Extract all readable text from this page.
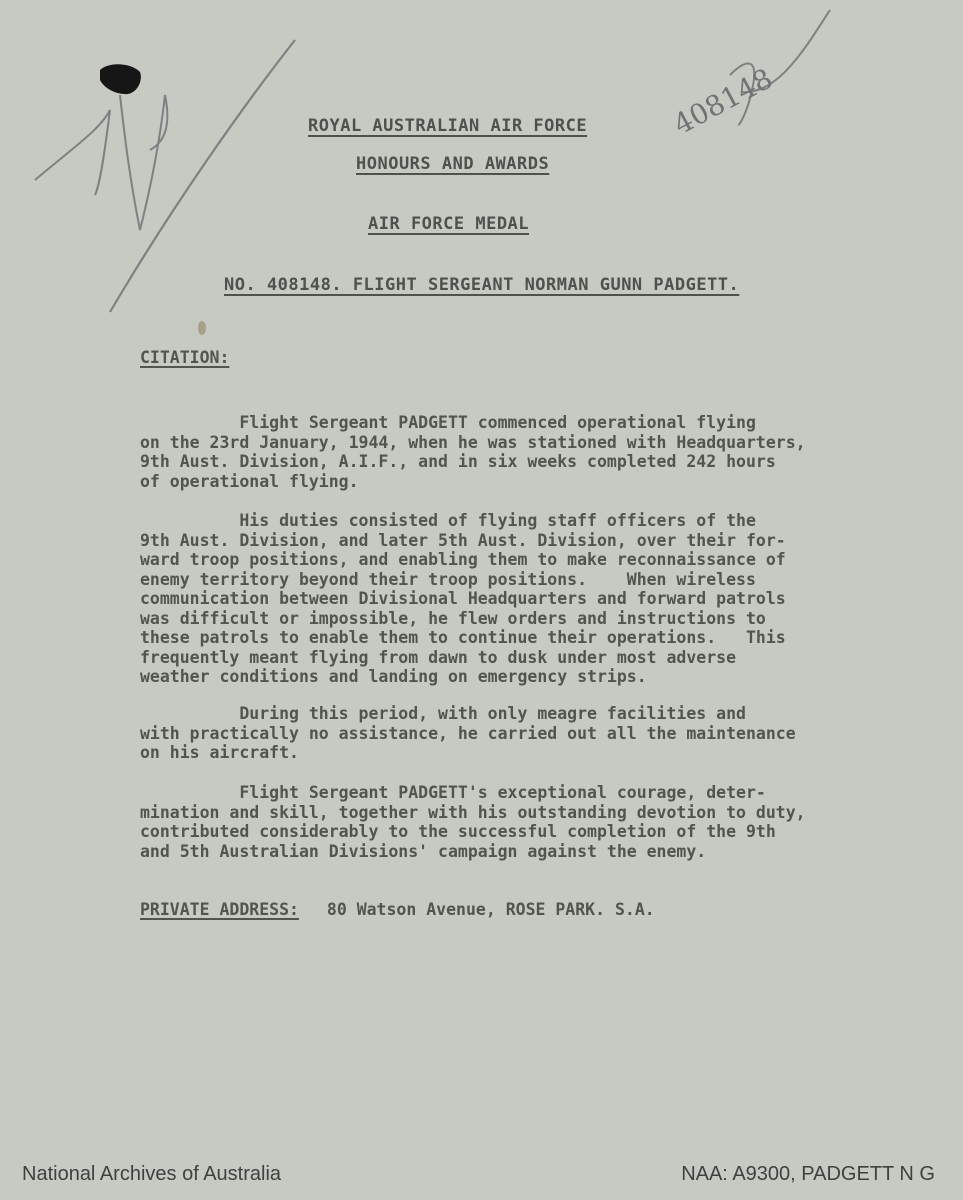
408148
ROYAL AUSTRALIAN AIR FORCE
HONOURS AND AWARDS
AIR FORCE MEDAL
NO. 408148. FLIGHT SERGEANT NORMAN GUNN PADGETT.
CITATION:
Flight Sergeant PADGETT commenced operational flying
on the 23rd January, 1944, when he was stationed with Headquarters,
9th Aust. Division, A.I.F., and in six weeks completed 242 hours
of operational flying.
His duties consisted of flying staff officers of the
9th Aust. Division, and later 5th Aust. Division, over their for-
ward troop positions, and enabling them to make reconnaissance of
enemy territory beyond their troop positions.    When wireless
communication between Divisional Headquarters and forward patrols
was difficult or impossible, he flew orders and instructions to
these patrols to enable them to continue their operations.   This
frequently meant flying from dawn to dusk under most adverse
weather conditions and landing on emergency strips.
During this period, with only meagre facilities and
with practically no assistance, he carried out all the maintenance
on his aircraft.
Flight Sergeant PADGETT's exceptional courage, deter-
mination and skill, together with his outstanding devotion to duty,
contributed considerably to the successful completion of the 9th
and 5th Australian Divisions' campaign against the enemy.
PRIVATE ADDRESS: 80 Watson Avenue, ROSE PARK. S.A.
National Archives of Australia	NAA: A9300, PADGETT N G
